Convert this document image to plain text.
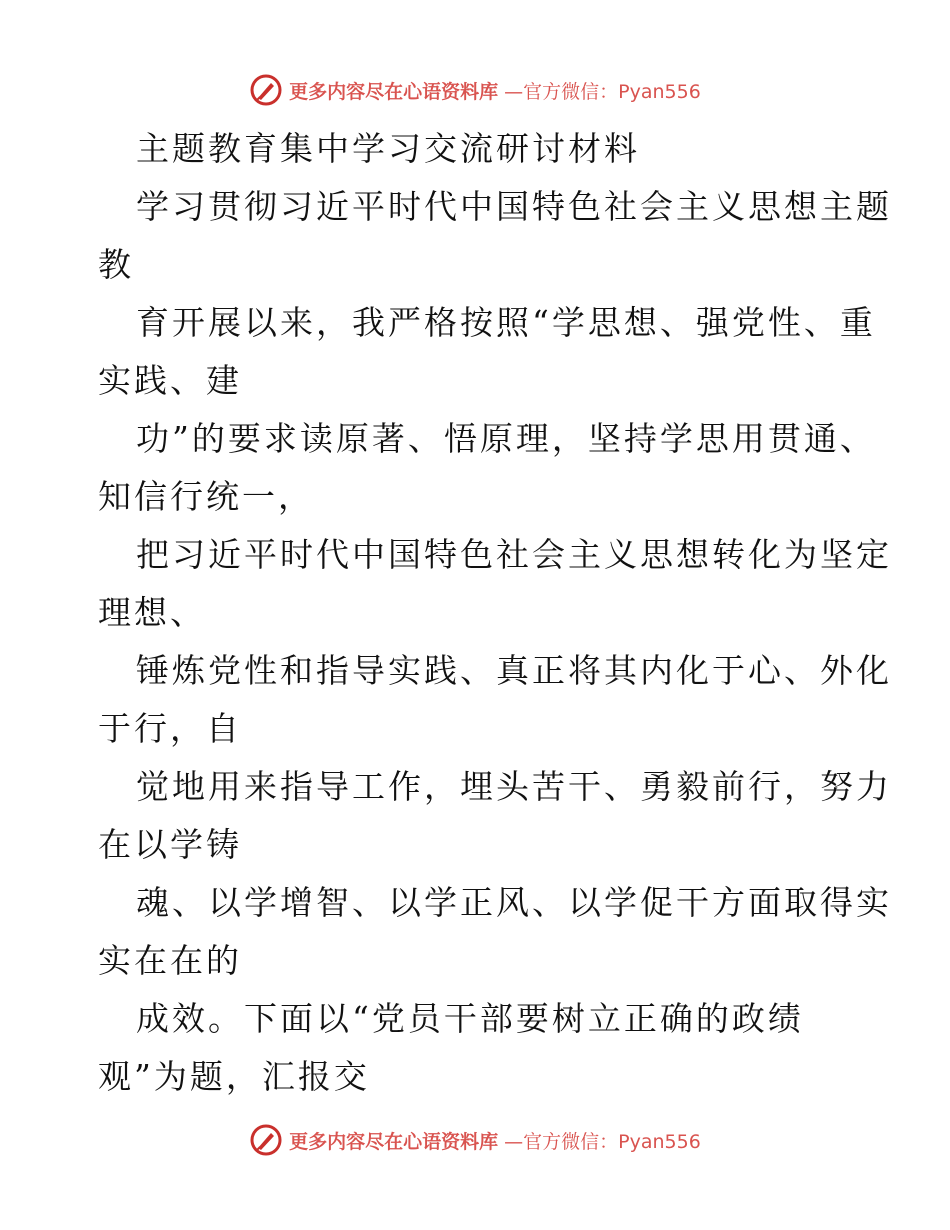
更多内容尽在心语资料库 —官方微信：Pyan556
主题教育集中学习交流研讨材料
学习贯彻习近平时代中国特色社会主义思想主题
教
育开展以来，我严格按照“学思想、强党性、重
实践、建
功”的要求读原著、悟原理，坚持学思用贯通、
知信行统一，
把习近平时代中国特色社会主义思想转化为坚定
理想、
锤炼党性和指导实践、真正将其内化于心、外化
于行，自
觉地用来指导工作，埋头苦干、勇毅前行，努力
在以学铸
魂、以学增智、以学正风、以学促干方面取得实
实在在的
成效。下面以“党员干部要树立正确的政绩
观”为题，汇报交
更多内容尽在心语资料库 —官方微信：Pyan556
